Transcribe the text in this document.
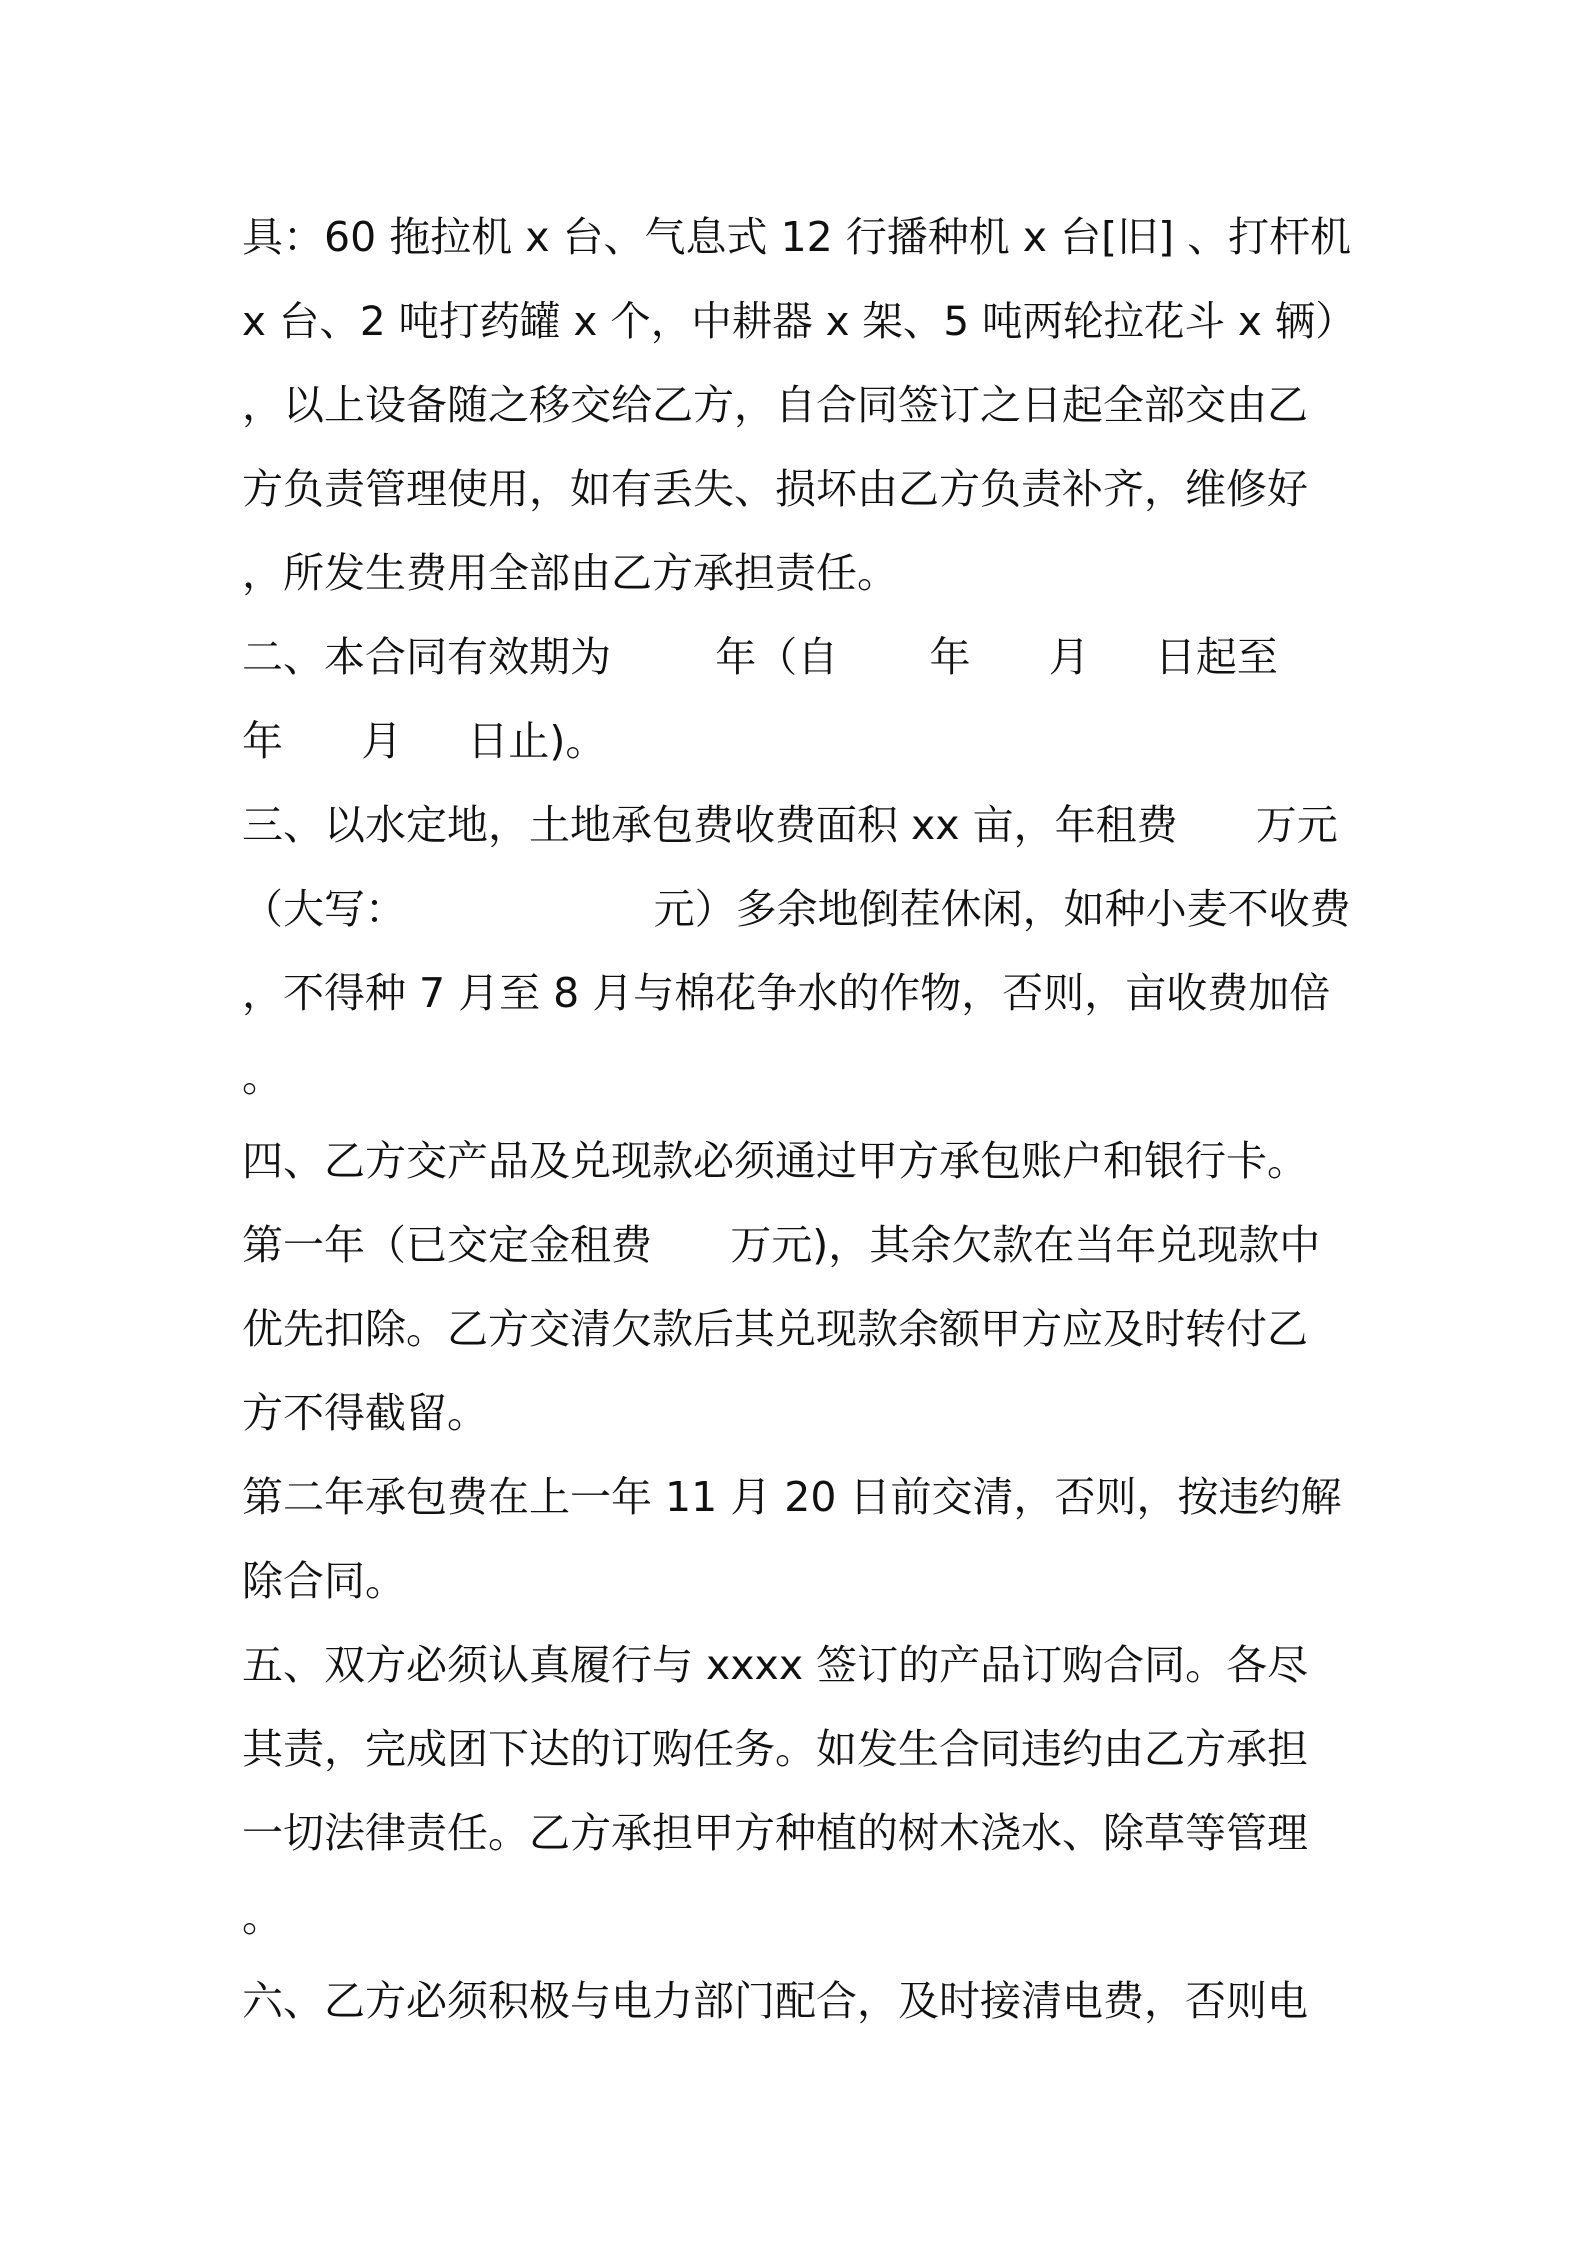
具：60 拖拉机 x 台、气息式 12 行播种机 x 台[旧] 、打杆机
x 台、2 吨打药罐 x 个，中耕器 x 架、5 吨两轮拉花斗 x 辆）
，以上设备随之移交给乙方，自合同签订之日起全部交由乙
方负责管理使用，如有丢失、损坏由乙方负责补齐，维修好
，所发生费用全部由乙方承担责任。
二、本合同有效期为        年（自       年      月     日起至
年      月     日止)。
三、以水定地，土地承包费收费面积 xx 亩，年租费      万元
（大写：                   元）多余地倒茬休闲，如种小麦不收费
，不得种 7 月至 8 月与棉花争水的作物，否则，亩收费加倍
。
四、乙方交产品及兑现款必须通过甲方承包账户和银行卡。
第一年（已交定金租费      万元)，其余欠款在当年兑现款中
优先扣除。乙方交清欠款后其兑现款余额甲方应及时转付乙
方不得截留。
第二年承包费在上一年 11 月 20 日前交清，否则，按违约解
除合同。
五、双方必须认真履行与 xxxx 签订的产品订购合同。各尽
其责，完成团下达的订购任务。如发生合同违约由乙方承担
一切法律责任。乙方承担甲方种植的树木浇水、除草等管理
。
六、乙方必须积极与电力部门配合，及时接清电费，否则电
